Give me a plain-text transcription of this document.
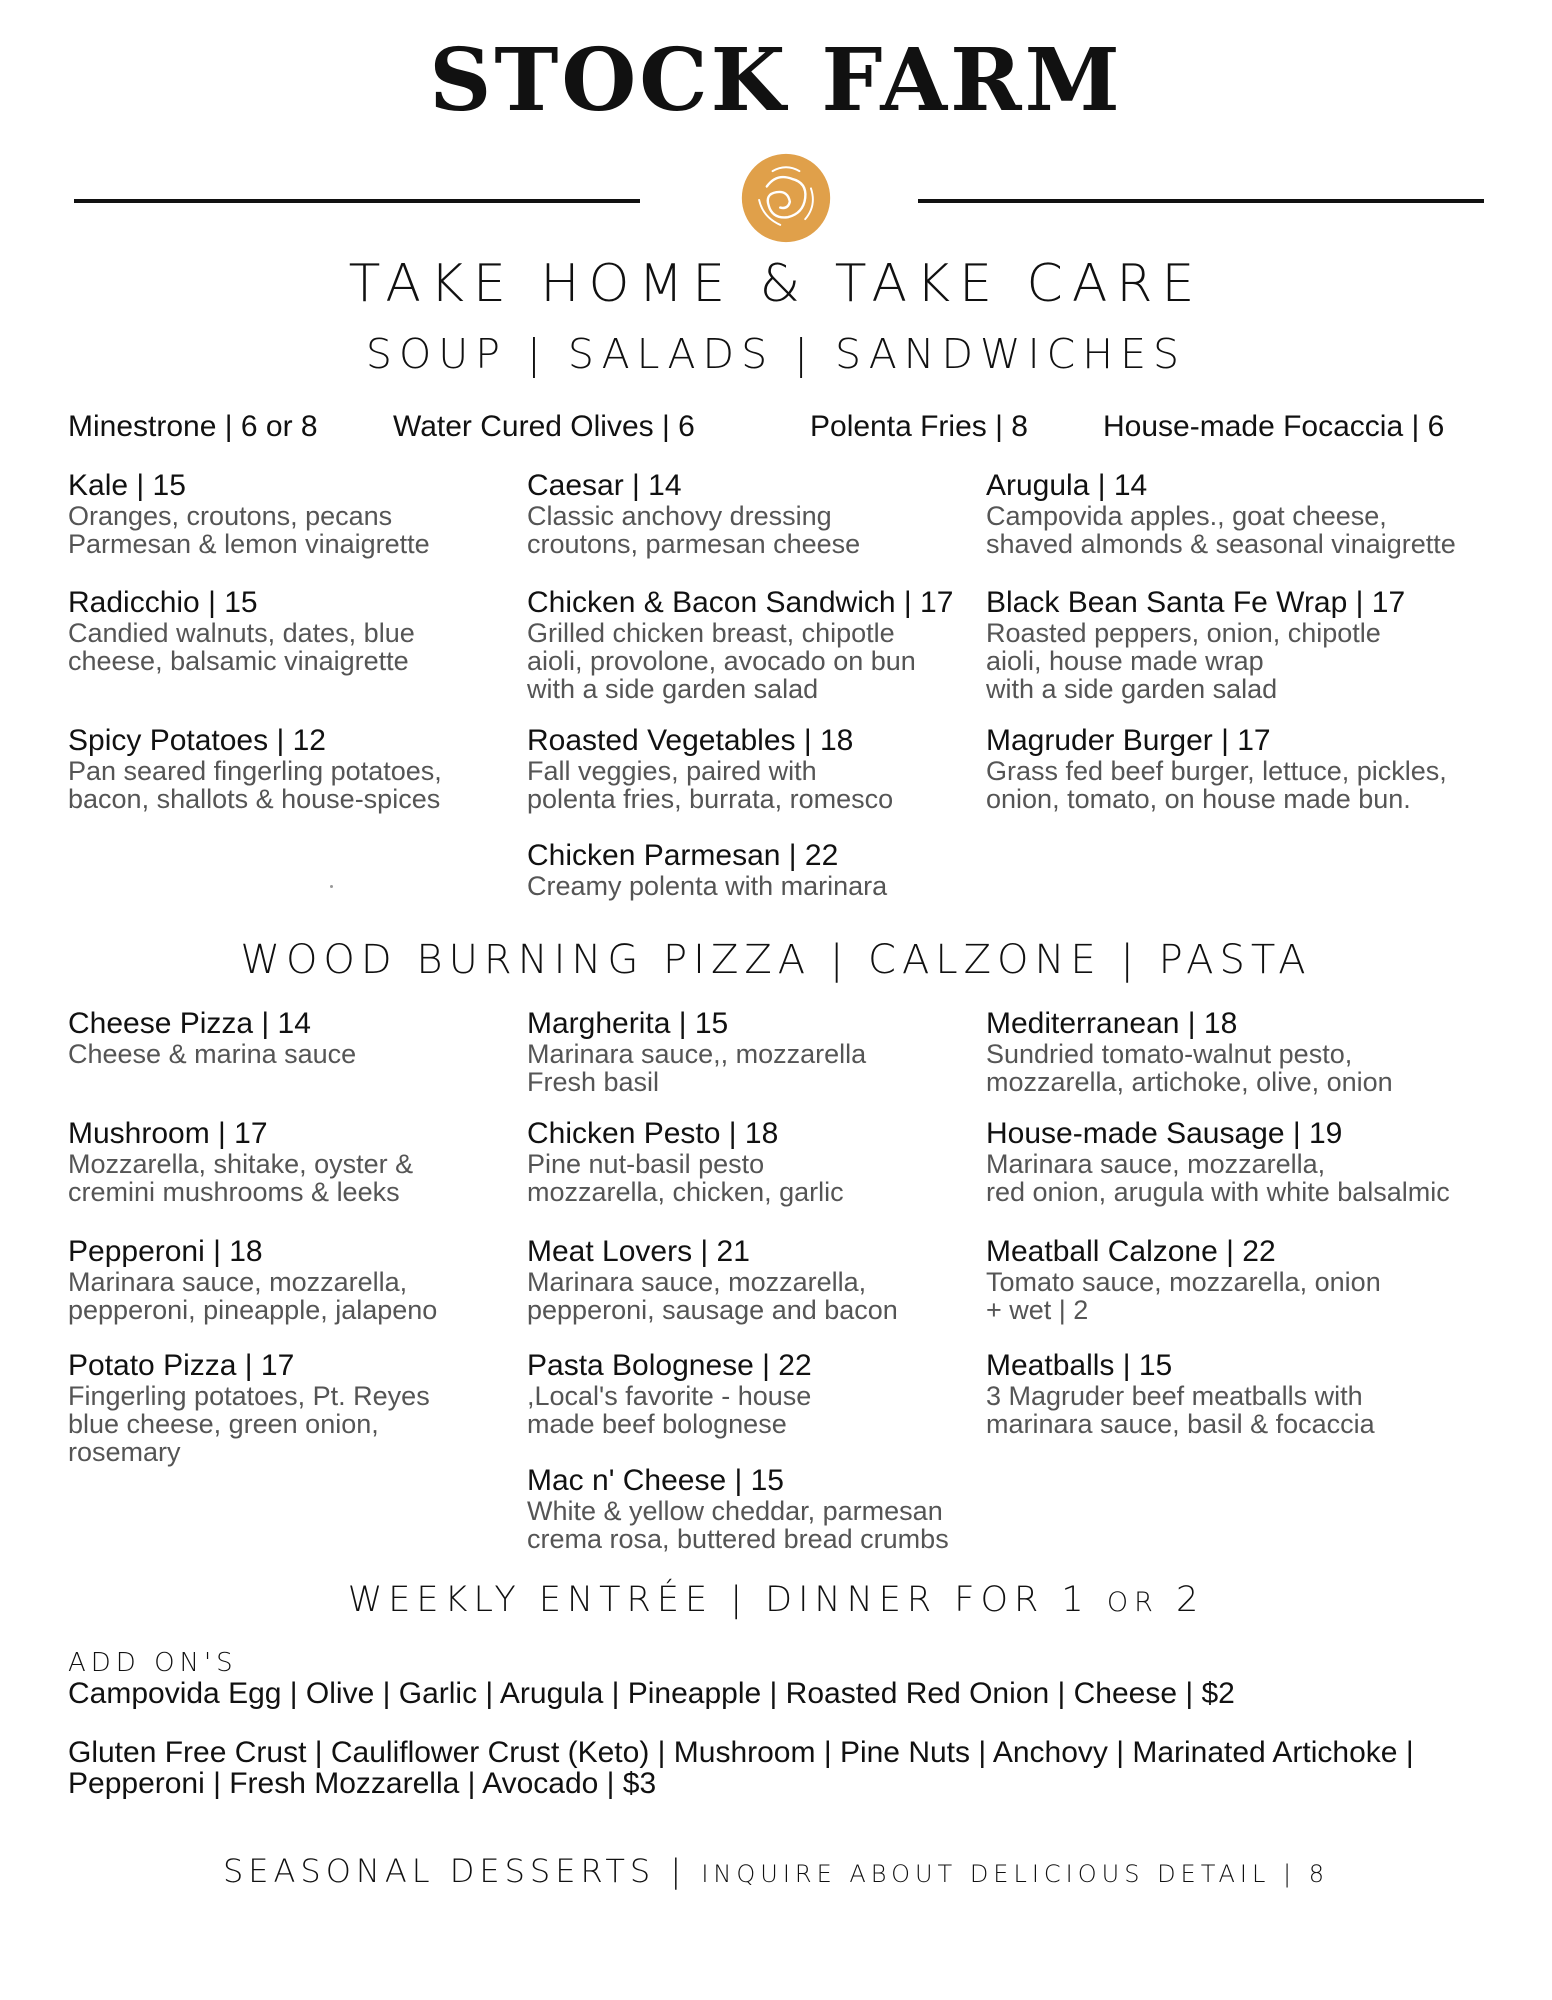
STOCK FARM
TAKE HOME & TAKE CARE
SOUP | SALADS | SANDWICHES
Minestrone | 6 or 8	Water Cured Olives | 6	Polenta Fries | 8	House-made Focaccia | 6
Kale | 15
Oranges, croutons, pecans
Parmesan & lemon vinaigrette
Caesar | 14
Classic anchovy dressing
croutons, parmesan cheese
Arugula | 14
Campovida apples., goat cheese,
shaved almonds & seasonal vinaigrette
Radicchio | 15
Candied walnuts, dates, blue
cheese, balsamic vinaigrette
Chicken & Bacon Sandwich | 17
Grilled chicken breast, chipotle
aioli, provolone, avocado on bun
with a side garden salad
Black Bean Santa Fe Wrap | 17
Roasted peppers, onion, chipotle
aioli, house made wrap
with a side garden salad
Spicy Potatoes | 12
Pan seared fingerling potatoes,
bacon, shallots & house-spices
Roasted Vegetables | 18
Fall veggies, paired with
polenta fries, burrata, romesco
Magruder Burger | 17
Grass fed beef burger, lettuce, pickles,
onion, tomato, on house made bun.
Chicken Parmesan | 22
Creamy polenta with marinara
WOOD BURNING PIZZA | CALZONE | PASTA
Cheese Pizza | 14
Cheese & marina sauce
Margherita | 15
Marinara sauce,, mozzarella
Fresh basil
Mediterranean | 18
Sundried tomato-walnut pesto,
mozzarella, artichoke, olive, onion
Mushroom | 17
Mozzarella, shitake, oyster &
cremini mushrooms & leeks
Chicken Pesto | 18
Pine nut-basil pesto
mozzarella, chicken, garlic
House-made Sausage | 19
Marinara sauce, mozzarella,
red onion, arugula with white balsalmic
Pepperoni | 18
Marinara sauce, mozzarella,
pepperoni, pineapple, jalapeno
Meat Lovers | 21
Marinara sauce, mozzarella,
pepperoni, sausage and bacon
Meatball Calzone | 22
Tomato sauce, mozzarella, onion
+ wet | 2
Potato Pizza | 17
Fingerling potatoes, Pt. Reyes
blue cheese, green onion,
rosemary
Pasta Bolognese | 22
,Local's favorite - house
made beef bolognese
Meatballs | 15
3 Magruder beef meatballs with
marinara sauce, basil & focaccia
Mac n' Cheese | 15
White & yellow cheddar, parmesan
crema rosa, buttered bread crumbs
WEEKLY ENTRÉE | DINNER FOR 1 OR 2
ADD ON'S
Campovida Egg | Olive | Garlic | Arugula | Pineapple | Roasted Red Onion | Cheese | $2
Gluten Free Crust | Cauliflower Crust (Keto) | Mushroom | Pine Nuts | Anchovy | Marinated Artichoke |
Pepperoni | Fresh Mozzarella | Avocado | $3
SEASONAL DESSERTS | INQUIRE ABOUT DELICIOUS DETAIL | 8
